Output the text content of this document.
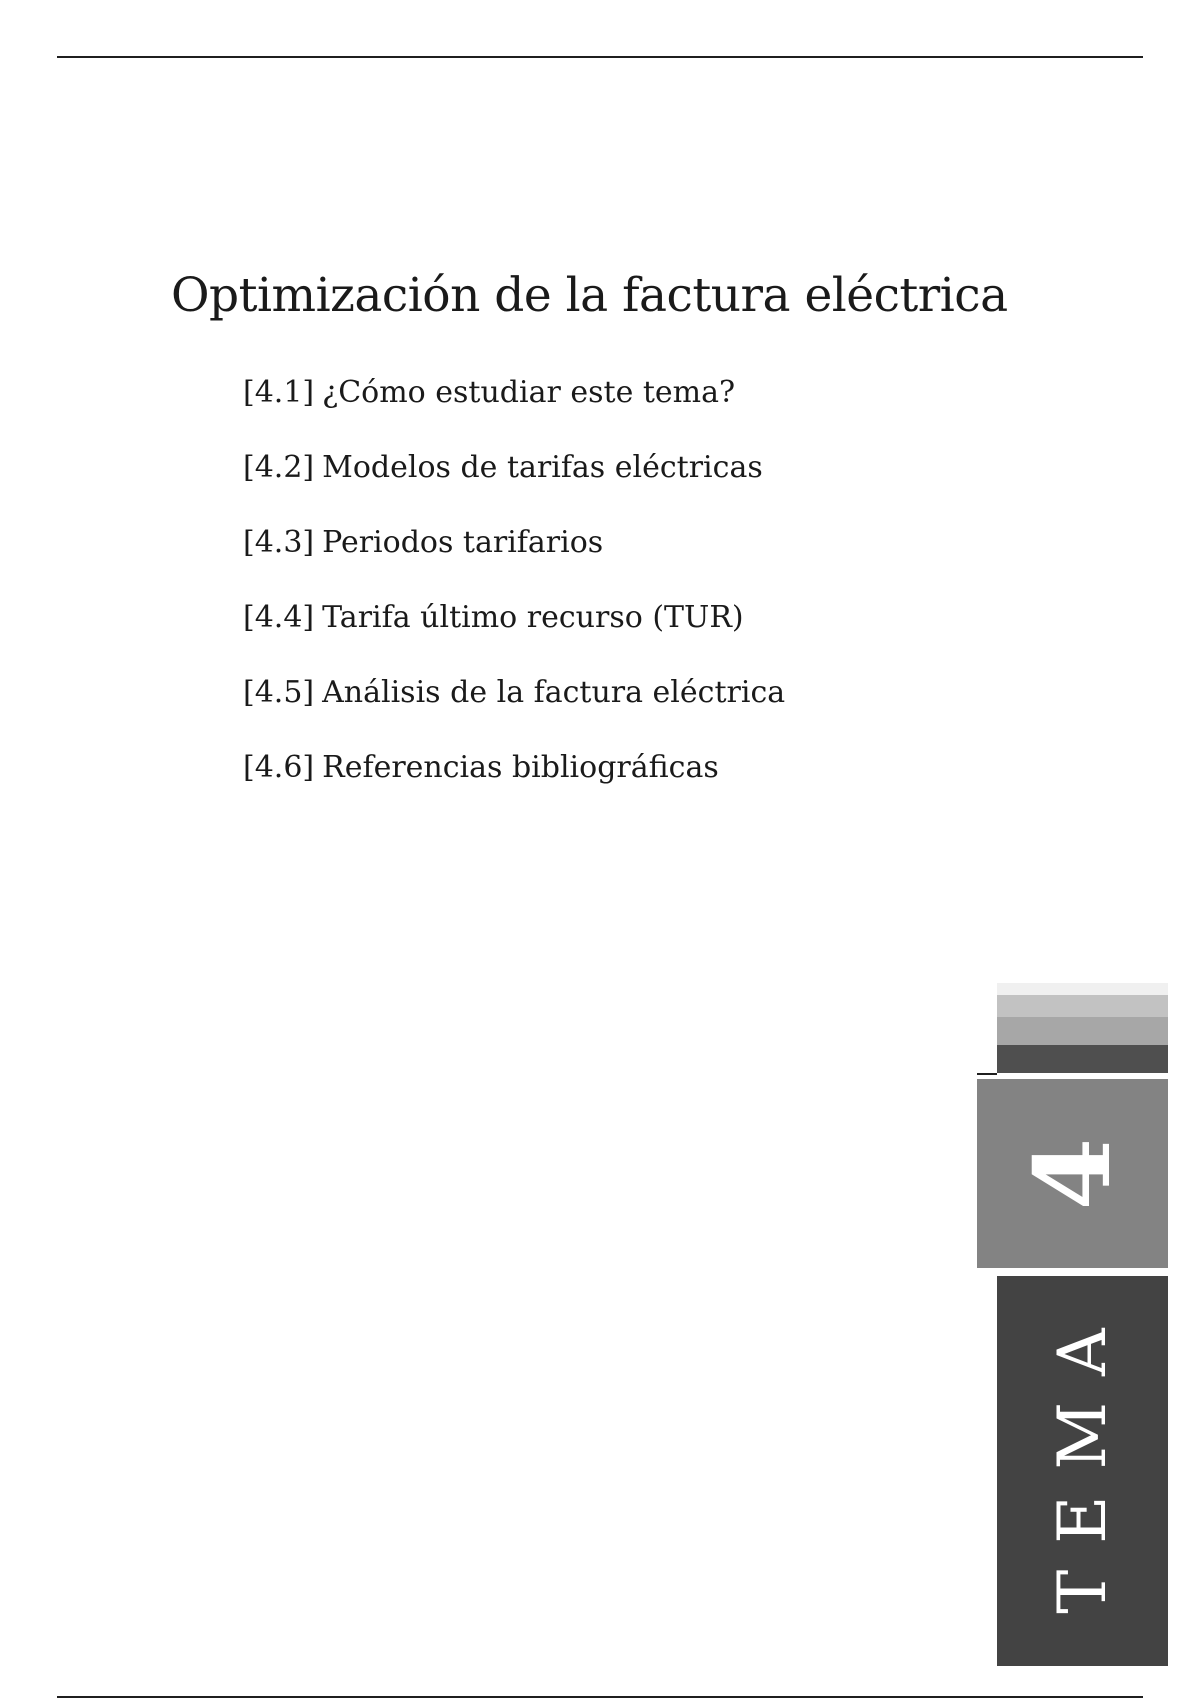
Optimización de la factura eléctrica
[4.1] ¿Cómo estudiar este tema?
[4.2] Modelos de tarifas eléctricas
[4.3] Periodos tarifarios
[4.4] Tarifa último recurso (TUR)
[4.5] Análisis de la factura eléctrica
[4.6] Referencias bibliográficas
4
TEMA
